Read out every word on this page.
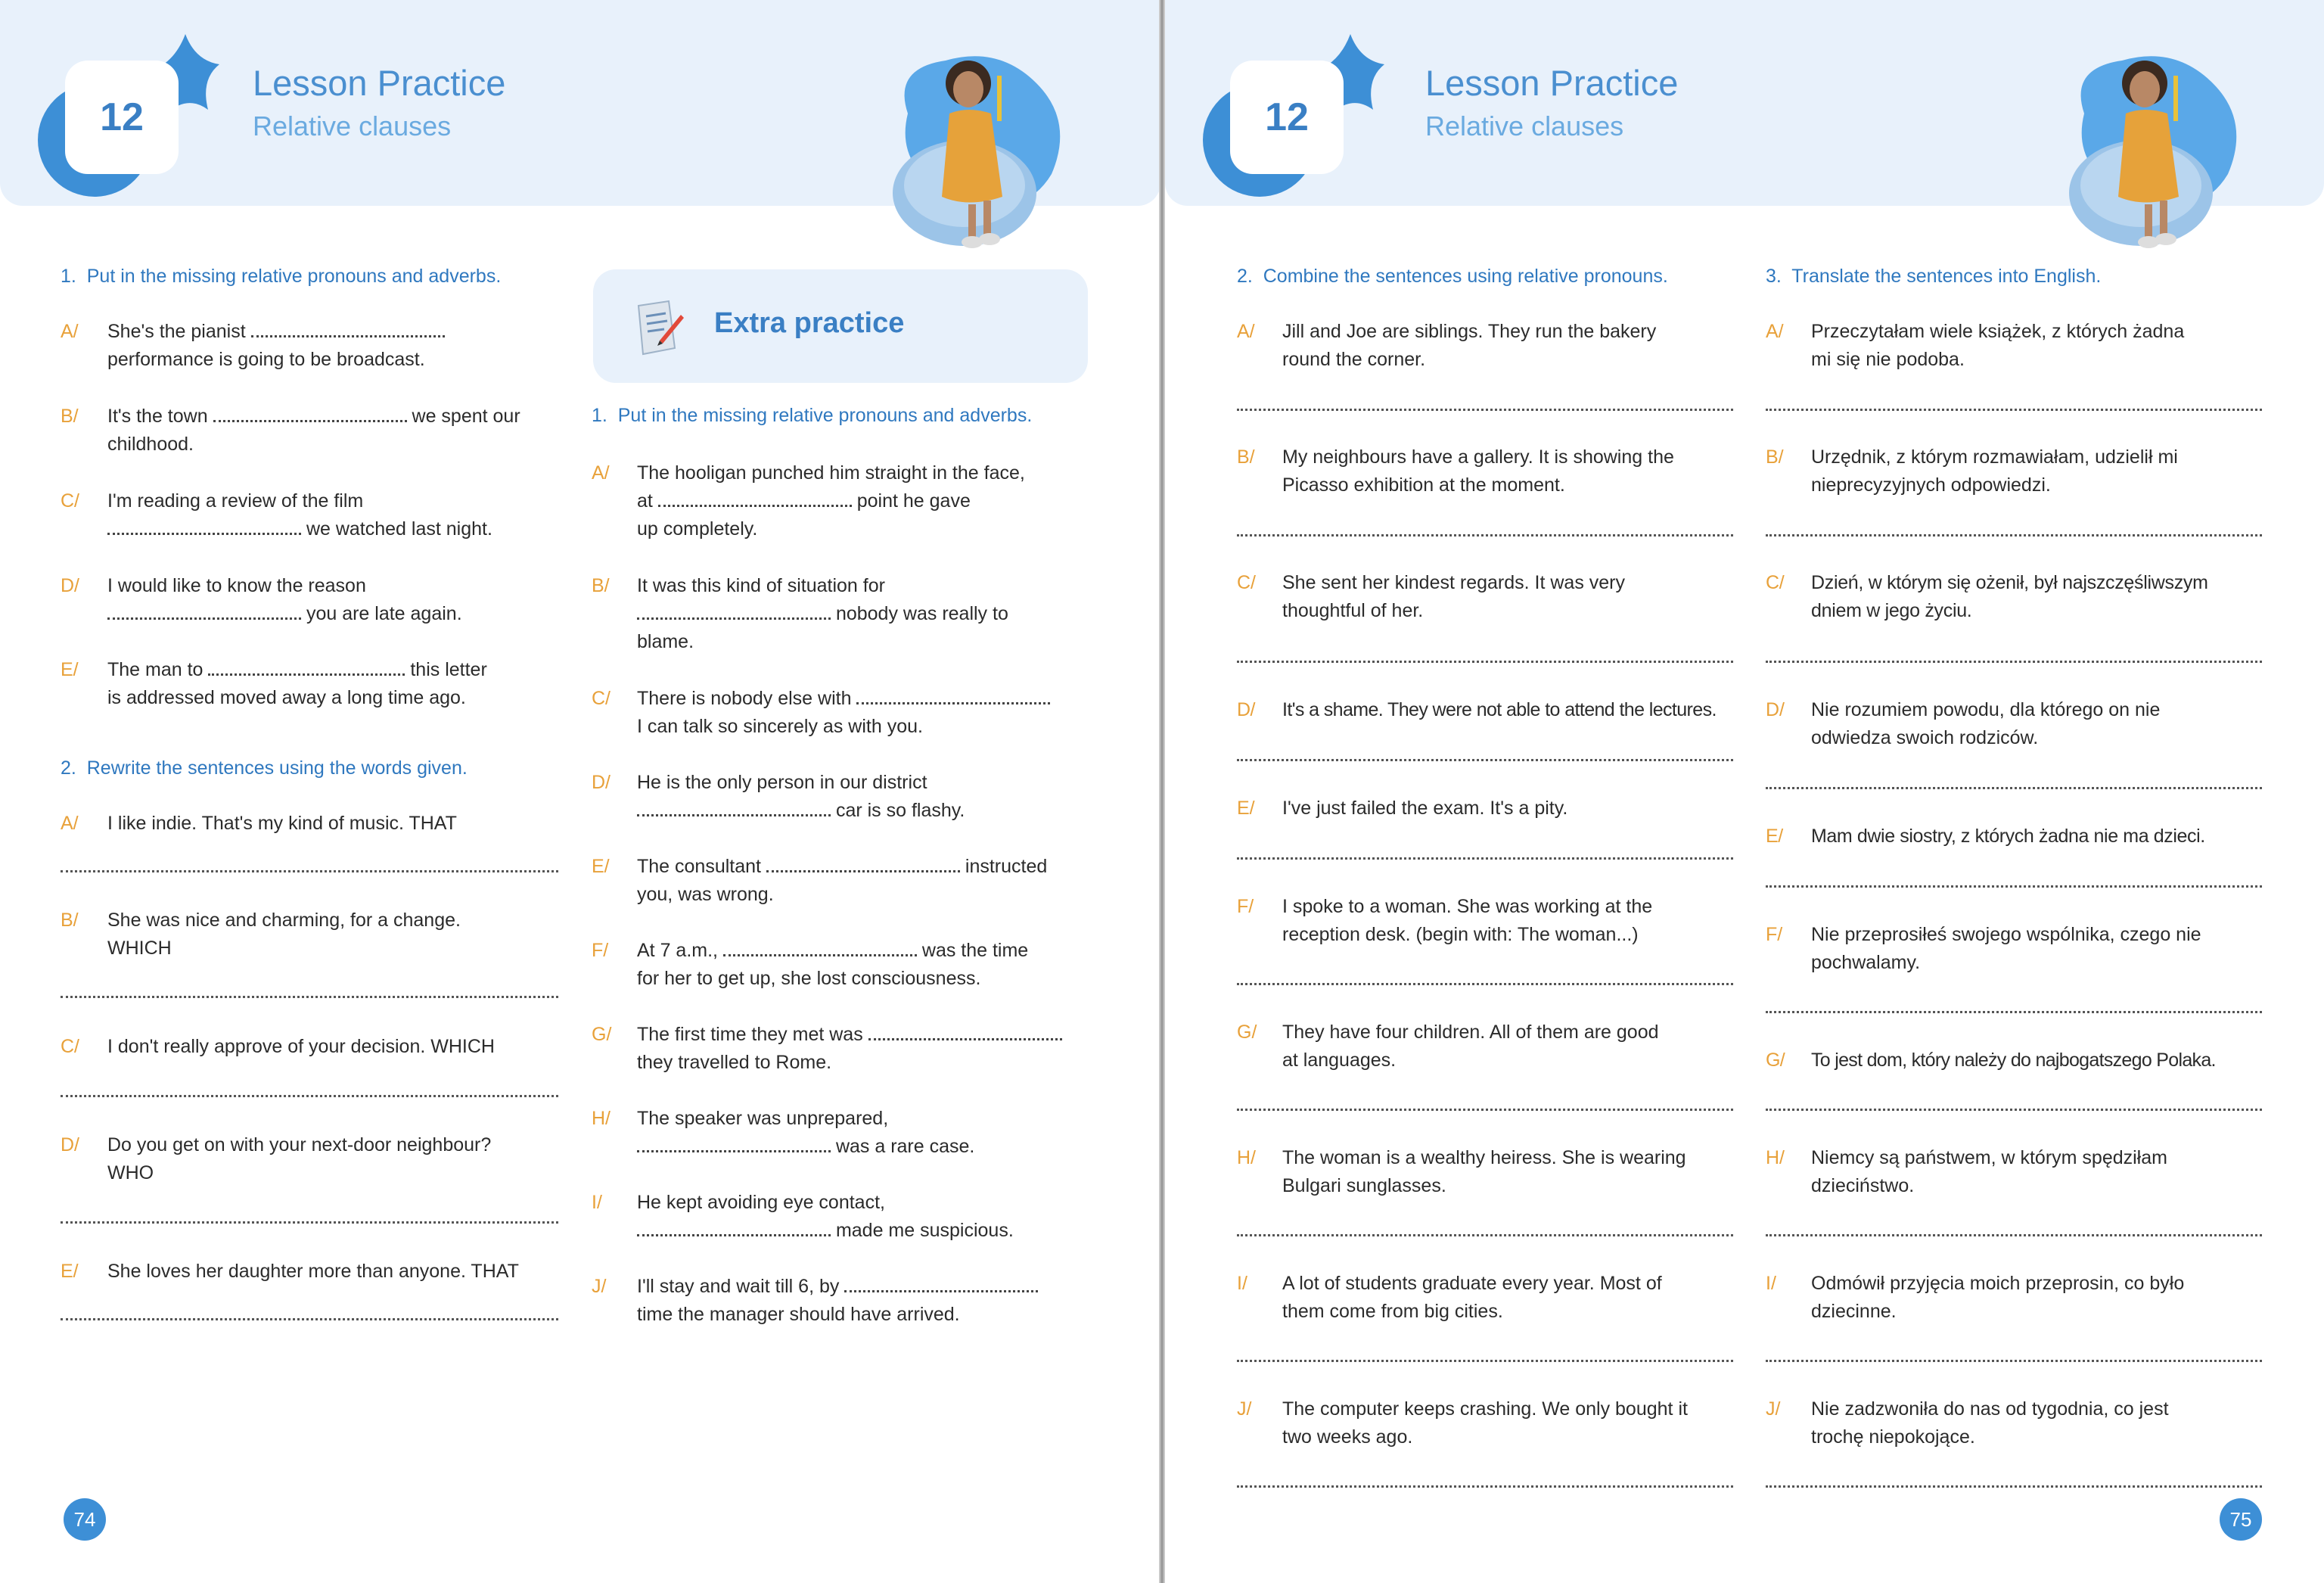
12
Lesson Practice
Relative clauses
1.  Put in the missing relative pronouns and adverbs.
A/ She's the pianist
performance is going to be broadcast.
B/ It's the town	we spent our
childhood.
C/ I'm reading a review of the film
we watched last night.
D/ I would like to know the reason
you are late again.
E/ The man to	this letter
is addressed moved away a long time ago.
2.  Rewrite the sentences using the words given.
A/ I like indie. That's my kind of music. THAT
B/ She was nice and charming, for a change.
WHICH
C/ I don't really approve of your decision. WHICH
D/ Do you get on with your next-door neighbour?
WHO
E/ She loves her daughter more than anyone. THAT
Extra practice
1.  Put in the missing relative pronouns and adverbs.
A/ The hooligan punched him straight in the face,
at	point he gave
up completely.
B/ It was this kind of situation for
nobody was really to
blame.
C/ There is nobody else with
I can talk so sincerely as with you.
D/ He is the only person in our district
car is so flashy.
E/ The consultant	instructed
you, was wrong.
F/ At 7 a.m.,	was the time
for her to get up, she lost consciousness.
G/ The first time they met was
they travelled to Rome.
H/ The speaker was unprepared,
was a rare case.
I/ He kept avoiding eye contact,
made me suspicious.
J/ I'll stay and wait till 6, by
time the manager should have arrived.
74
12
Lesson Practice
Relative clauses
2.  Combine the sentences using relative pronouns.
A/ Jill and Joe are siblings. They run the bakery
round the corner.
B/ My neighbours have a gallery. It is showing the
Picasso exhibition at the moment.
C/ She sent her kindest regards. It was very
thoughtful of her.
D/ It's a shame. They were not able to attend the lectures.
E/ I've just failed the exam. It's a pity.
F/ I spoke to a woman. She was working at the
reception desk. (begin with: The woman...)
G/ They have four children. All of them are good
at languages.
H/ The woman is a wealthy heiress. She is wearing
Bulgari sunglasses.
I/ A lot of students graduate every year. Most of
them come from big cities.
J/ The computer keeps crashing. We only bought it
two weeks ago.
3.  Translate the sentences into English.
A/ Przeczytałam wiele książek, z których żadna
mi się nie podoba.
B/ Urzędnik, z którym rozmawiałam, udzielił mi
nieprecyzyjnych odpowiedzi.
C/ Dzień, w którym się ożenił, był najszczęśliwszym
dniem w jego życiu.
D/ Nie rozumiem powodu, dla którego on nie
odwiedza swoich rodziców.
E/ Mam dwie siostry, z których żadna nie ma dzieci.
F/ Nie przeprosiłeś swojego wspólnika, czego nie
pochwalamy.
G/ To jest dom, który należy do najbogatszego Polaka.
H/ Niemcy są państwem, w którym spędziłam
dzieciństwo.
I/ Odmówił przyjęcia moich przeprosin, co było
dziecinne.
J/ Nie zadzwoniła do nas od tygodnia, co jest
trochę niepokojące.
75
